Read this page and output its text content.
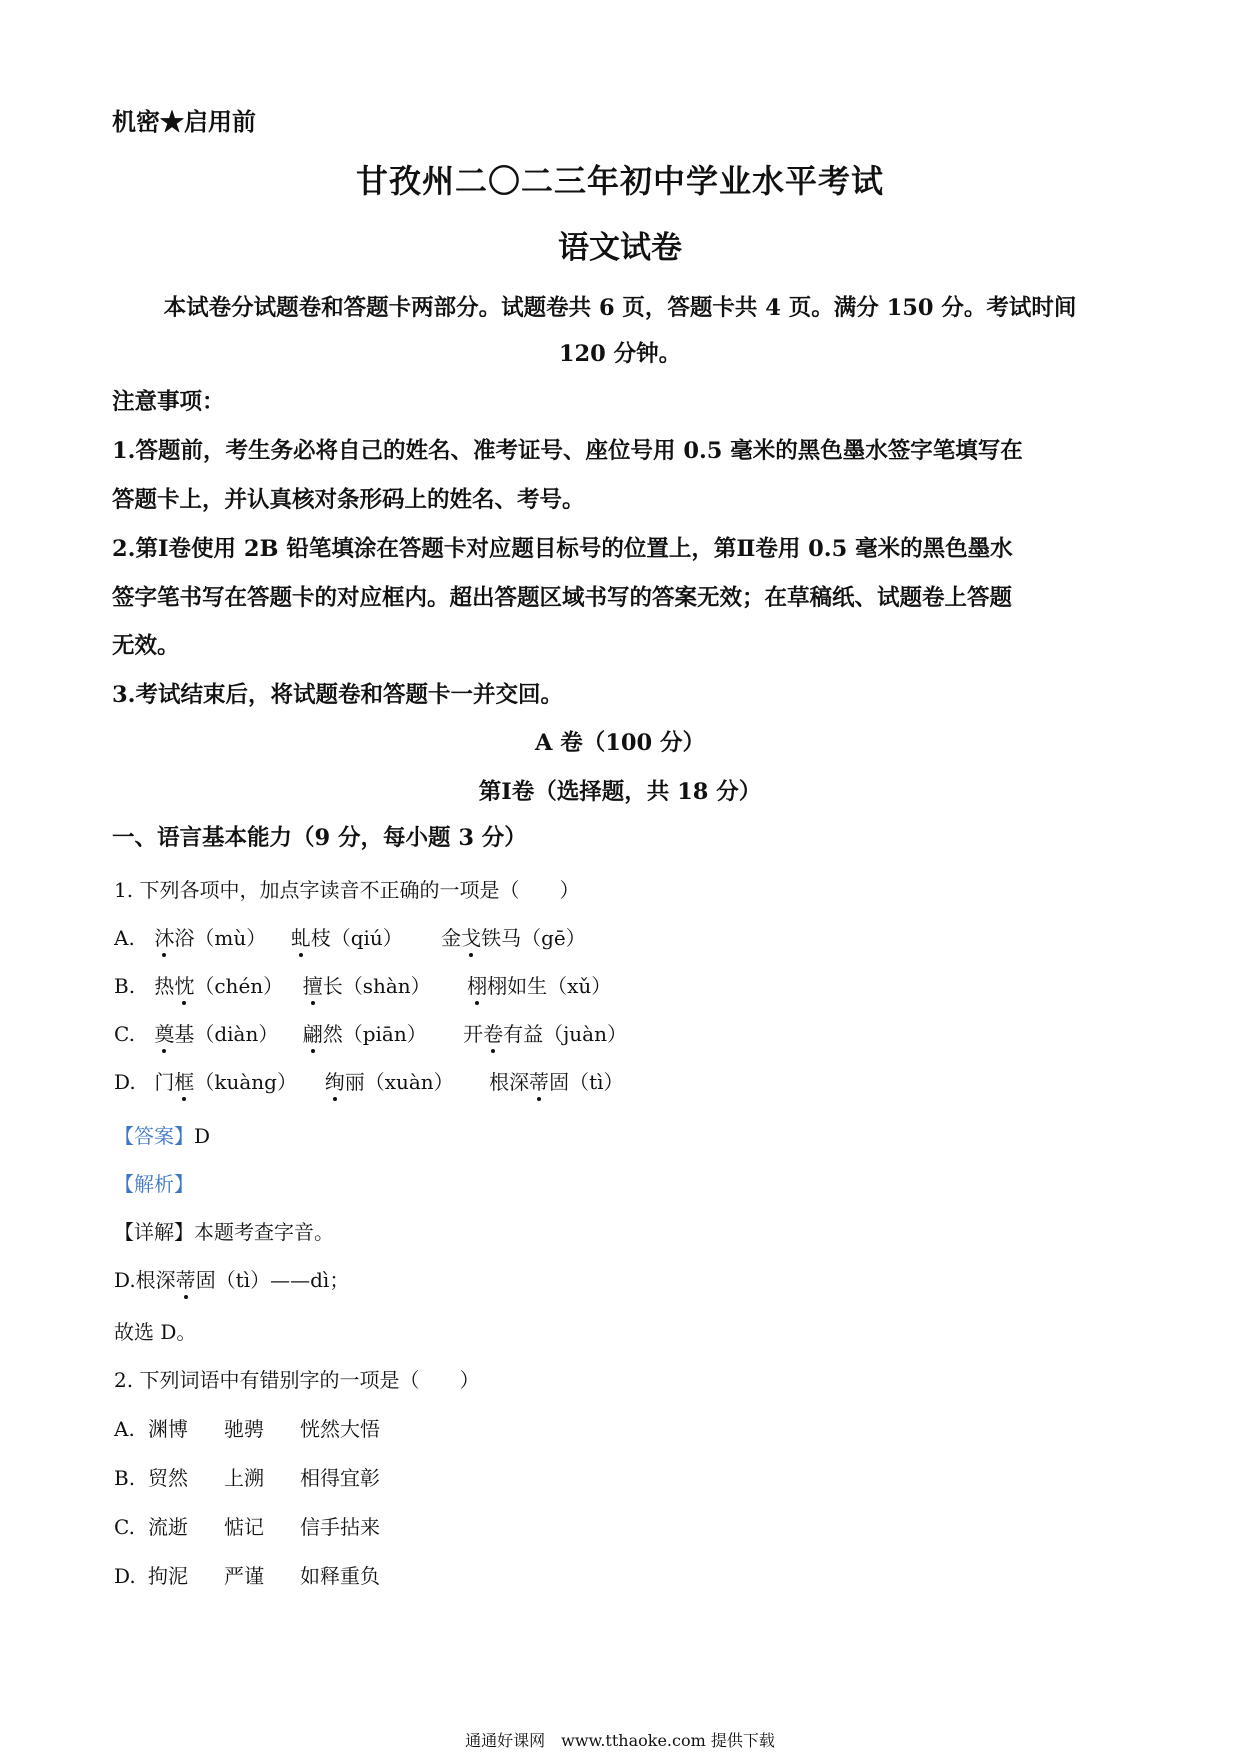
机密★启用前
甘孜州二〇二三年初中学业水平考试
语文试卷
本试卷分试题卷和答题卡两部分。试题卷共 6 页，答题卡共 4 页。满分 150 分。考试时间
120 分钟。
注意事项：
1.答题前，考生务必将自己的姓名、准考证号、座位号用 0.5 毫米的黑色墨水签字笔填写在
答题卡上，并认真核对条形码上的姓名、考号。
2.第Ⅰ卷使用 2B 铅笔填涂在答题卡对应题目标号的位置上，第Ⅱ卷用 0.5 毫米的黑色墨水
签字笔书写在答题卡的对应框内。超出答题区域书写的答案无效；在草稿纸、试题卷上答题
无效。
3.考试结束后，将试题卷和答题卡一并交回。
A 卷（100 分）
第Ⅰ卷（选择题，共 18 分）
一、语言基本能力（9 分，每小题 3 分）
1. 下列各项中，加点字读音不正确的一项是（　　）
A. 沐浴（mù） 虬枝（qiú） 金戈铁马（gē）
B. 热忱（chén） 擅长（shàn） 栩栩如生（xǔ）
C. 奠基（diàn） 翩然（piān） 开卷有益（juàn）
D. 门框（kuàng） 绚丽（xuàn） 根深蒂固（tì）
【答案】D
【解析】
【详解】本题考查字音。
D.根深蒂固（tì）——dì；
故选 D。
2. 下列词语中有错别字的一项是（　　）
A. 渊博 驰骋 恍然大悟
B. 贸然 上溯 相得宜彰
C. 流逝 惦记 信手拈来
D. 拘泥 严谨 如释重负
通通好课网　www.tthaoke.com 提供下载
